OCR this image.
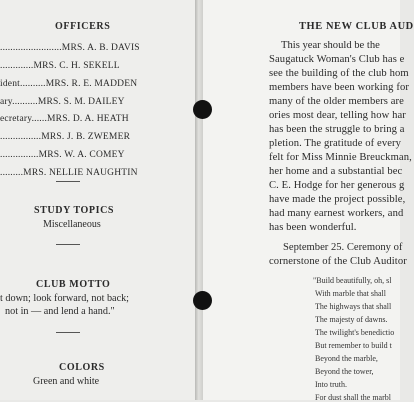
OFFICERS
........................MRS. A. B. DAVIS
.............MRS. C. H. SEKELL
ident..........MRS. R. E. MADDEN
ary..........MRS. S. M. DAILEY
ecretary......MRS. D. A. HEATH
................MRS. J. B. ZWEMER
...............MRS. W. A. COMEY
.........MRS. NELLIE NAUGHTIN
STUDY TOPICS
Miscellaneous
CLUB MOTTO
t down; look forward, not back;
not in — and lend a hand."
COLORS
Green and white
THE NEW CLUB AUD
This year should be the
Saugatuck Woman's Club has e
see the building of the club hom
members have been working for
many of the older members are
ories most dear, telling how har
has been the struggle to bring a
pletion. The gratitude of every
felt for Miss Minnie Breuckman,
her home and a substantial bec
C. E. Hodge for her generous g
have made the project possible,
had many earnest workers, and
has been wonderful.
September 25. Ceremony of
cornerstone of the Club Auditor
"Build beautifully, oh, sl
With marble that shall
The highways that shall
The majesty of dawns.
The twilight's benedictio
But remember to build t
Beyond the marble,
Beyond the tower,
Into truth.
For dust shall the marbl
